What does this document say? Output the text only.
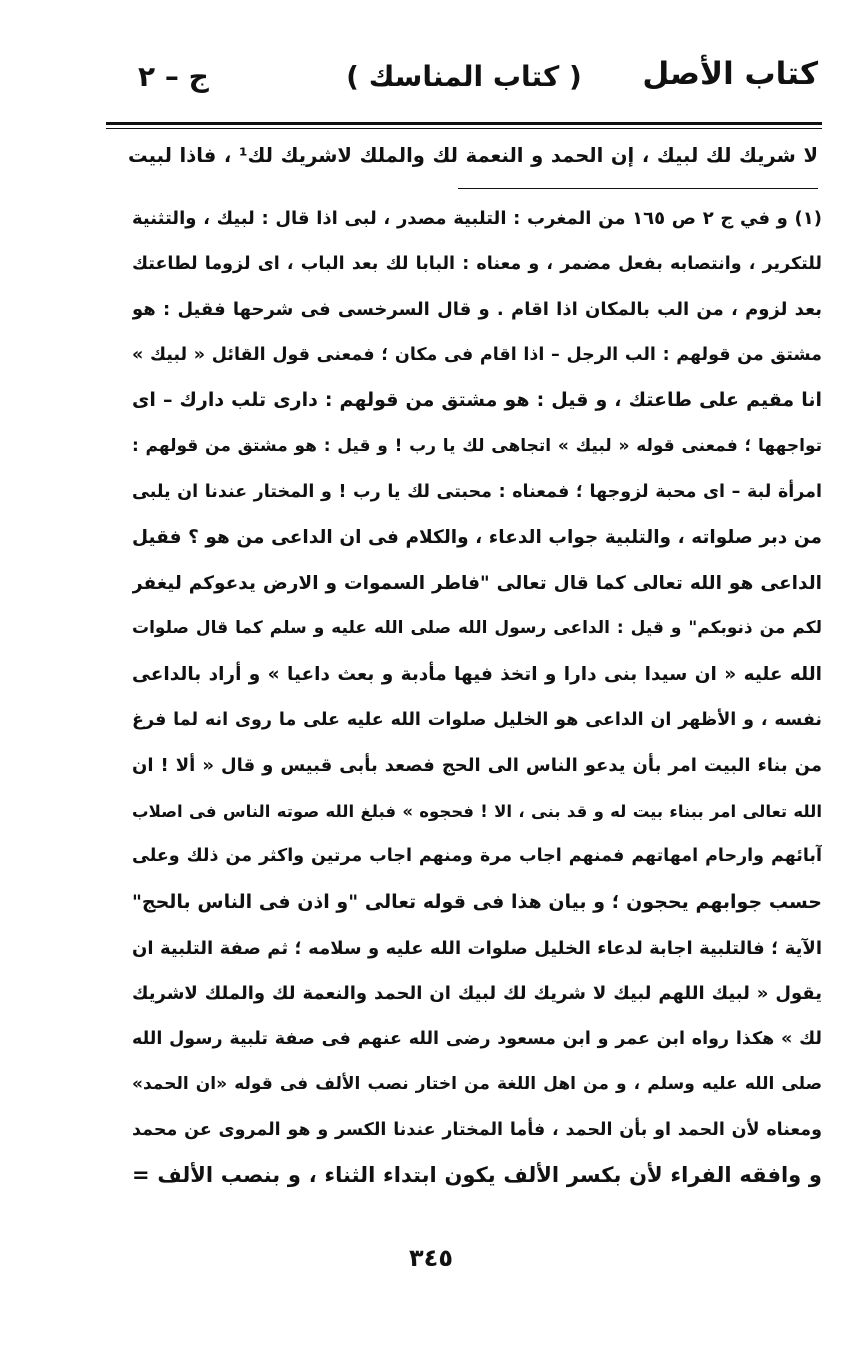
كتاب الأصل
( كتاب المناسك )
ج – ٢
لا شريك لك لبيك ، إن الحمد و النعمة لك والملك لاشريك لك¹ ، فاذا لبيت
(١) و في ج ٢ ص ١٦٥ من المغرب : التلبية مصدر ، لبى اذا قال : لبيك ، والتثنية
للتكرير ، وانتصابه بفعل مضمر ، و معناه : البابا لك بعد الباب ، اى لزوما لطاعتك
بعد لزوم ، من الب بالمكان اذا اقام . و قال السرخسى فى شرحها فقيل : هو
مشتق من قولهم : الب الرجل – اذا اقام فى مكان ؛ فمعنى قول القائل « لبيك »
انا مقيم على طاعتك ، و قيل : هو مشتق من قولهم : دارى تلب دارك – اى
تواجهها ؛ فمعنى قوله « لبيك » اتجاهى لك يا رب ! و قيل : هو مشتق من قولهم :
امرأة لبة – اى محبة لزوجها ؛ فمعناه : محبتى لك يا رب ! و المختار عندنا ان يلبى
من دبر صلواته ، والتلبية جواب الدعاء ، والكلام فى ان الداعى من هو ؟ فقيل
الداعى هو الله تعالى كما قال تعالى "فاطر السموات و الارض يدعوكم ليغفر
لكم من ذنوبكم" و قيل : الداعى رسول الله صلى الله عليه و سلم كما قال صلوات
الله عليه « ان سيدا بنى دارا و اتخذ فيها مأدبة و بعث داعيا » و أراد بالداعى
نفسه ، و الأظهر ان الداعى هو الخليل صلوات الله عليه على ما روى انه لما فرغ
من بناء البيت امر بأن يدعو الناس الى الحج فصعد بأبى قبيس و قال « ألا ! ان
الله تعالى امر ببناء بيت له و قد بنى ، الا ! فحجوه » فبلغ الله صوته الناس فى اصلاب
آبائهم وارحام امهاتهم فمنهم اجاب مرة ومنهم اجاب مرتين واكثر من ذلك وعلى
حسب جوابهم يحجون ؛ و بيان هذا فى قوله تعالى "و اذن فى الناس بالحج"
الآية ؛ فالتلبية اجابة لدعاء الخليل صلوات الله عليه و سلامه ؛ ثم صفة التلبية ان
يقول « لبيك اللهم لبيك لا شريك لك لبيك ان الحمد والنعمة لك والملك لاشريك
لك » هكذا رواه ابن عمر و ابن مسعود رضى الله عنهم فى صفة تلبية رسول الله
صلى الله عليه وسلم ، و من اهل اللغة من اختار نصب الألف فى قوله «ان الحمد»
ومعناه لأن الحمد او بأن الحمد ، فأما المختار عندنا الكسر و هو المروى عن محمد
و وافقه الفراء لأن بكسر الألف يكون ابتداء الثناء ، و بنصب الألف =
٣٤٥
